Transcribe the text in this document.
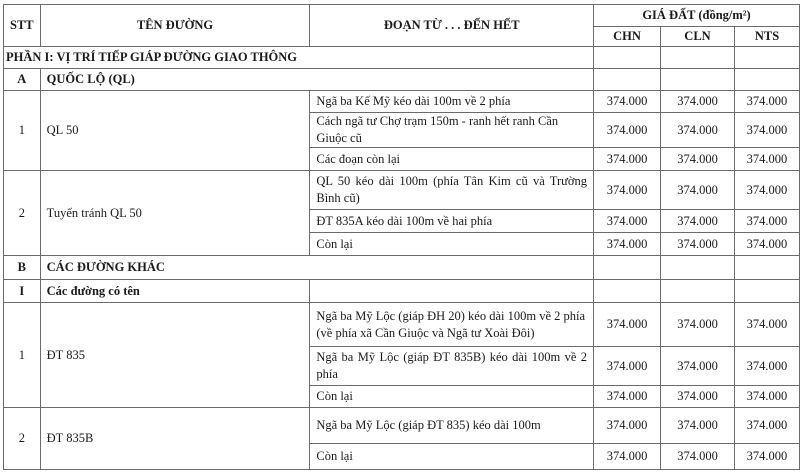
STT	TÊN ĐƯỜNG	ĐOẠN TỪ . . . ĐẾN HẾT	GIÁ ĐẤT (đồng/m²)		
			CHN	CLN	NTS
PHẦN I: VỊ TRÍ TIẾP GIÁP ĐƯỜNG GIAO THÔNG					
A	QUỐC LỘ (QL)				
1	QL 50	Ngã ba Kế Mỹ kéo dài 100m về 2 phía	374.000	374.000	374.000
		Cách ngã tư Chợ trạm 150m - ranh hết ranh Cần Giuộc cũ	374.000	374.000	374.000
		Các đoạn còn lại	374.000	374.000	374.000
2	Tuyến tránh QL 50	QL 50 kéo dài 100m (phía Tân Kim cũ và Trường Bình cũ)	374.000	374.000	374.000
		ĐT 835A kéo dài 100m về hai phía	374.000	374.000	374.000
		Còn lại	374.000	374.000	374.000
B	CÁC ĐƯỜNG KHÁC				
I	Các đường có tên				
1	ĐT 835	Ngã ba Mỹ Lộc (giáp ĐH 20) kéo dài 100m về 2 phía (về phía xã Cần Giuộc và Ngã tư Xoài Đôi)	374.000	374.000	374.000
		Ngã ba Mỹ Lộc (giáp ĐT 835B) kéo dài 100m về 2 phía	374.000	374.000	374.000
		Còn lại	374.000	374.000	374.000
2	ĐT 835B	Ngã ba Mỹ Lộc (giáp ĐT 835) kéo dài 100m	374.000	374.000	374.000
		Còn lại	374.000	374.000	374.000
